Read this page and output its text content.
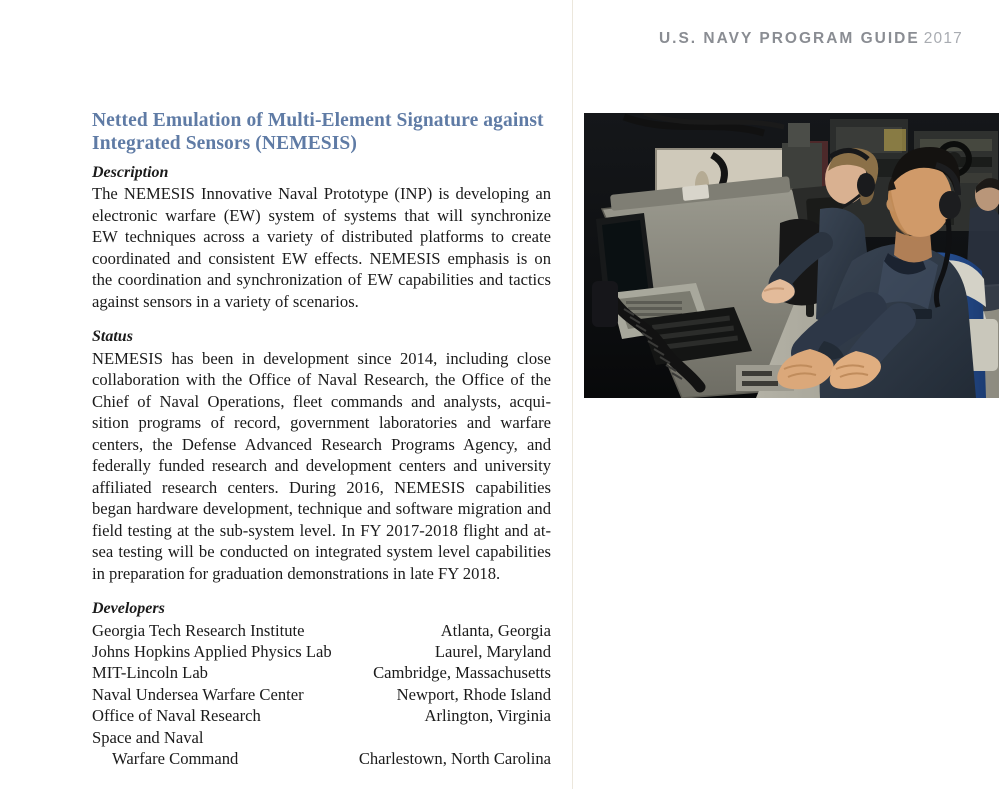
U.S. NAVY PROGRAM GUIDE 2017
Netted Emulation of Multi-Element Signature against Integrated Sensors (NEMESIS)
Description

The NEMESIS Innovative Naval Prototype (INP) is developing an electronic warfare (EW) system of systems that will synchronize EW techniques across a variety of distributed platforms to create coordinated and consistent EW effects. NEMESIS emphasis is on the coordination and synchronization of EW capabilities and tactics against sensors in a variety of scenarios.

Status

NEMESIS has been in development since 2014, including close collaboration with the Office of Naval Research, the Office of the Chief of Naval Operations, fleet commands and analysts, acqui-sition programs of record, government laboratories and warfare centers, the Defense Advanced Research Programs Agency, and federally funded research and development centers and university affiliated research centers. During 2016, NEMESIS capabilities began hardware development, technique and software migration and field testing at the sub-system level. In FY 2017-2018 flight and at-sea testing will be conducted on integrated system level capabilities in preparation for graduation demonstrations in late FY 2018.

Developers
Georgia Tech Research Institute	Atlanta, Georgia
Johns Hopkins Applied Physics Lab	Laurel, Maryland
MIT-Lincoln Lab	Cambridge, Massachusetts
Naval Undersea Warfare Center	Newport, Rhode Island
Office of Naval Research	Arlington, Virginia
Space and Naval	
Warfare Command	Charlestown, North Carolina
